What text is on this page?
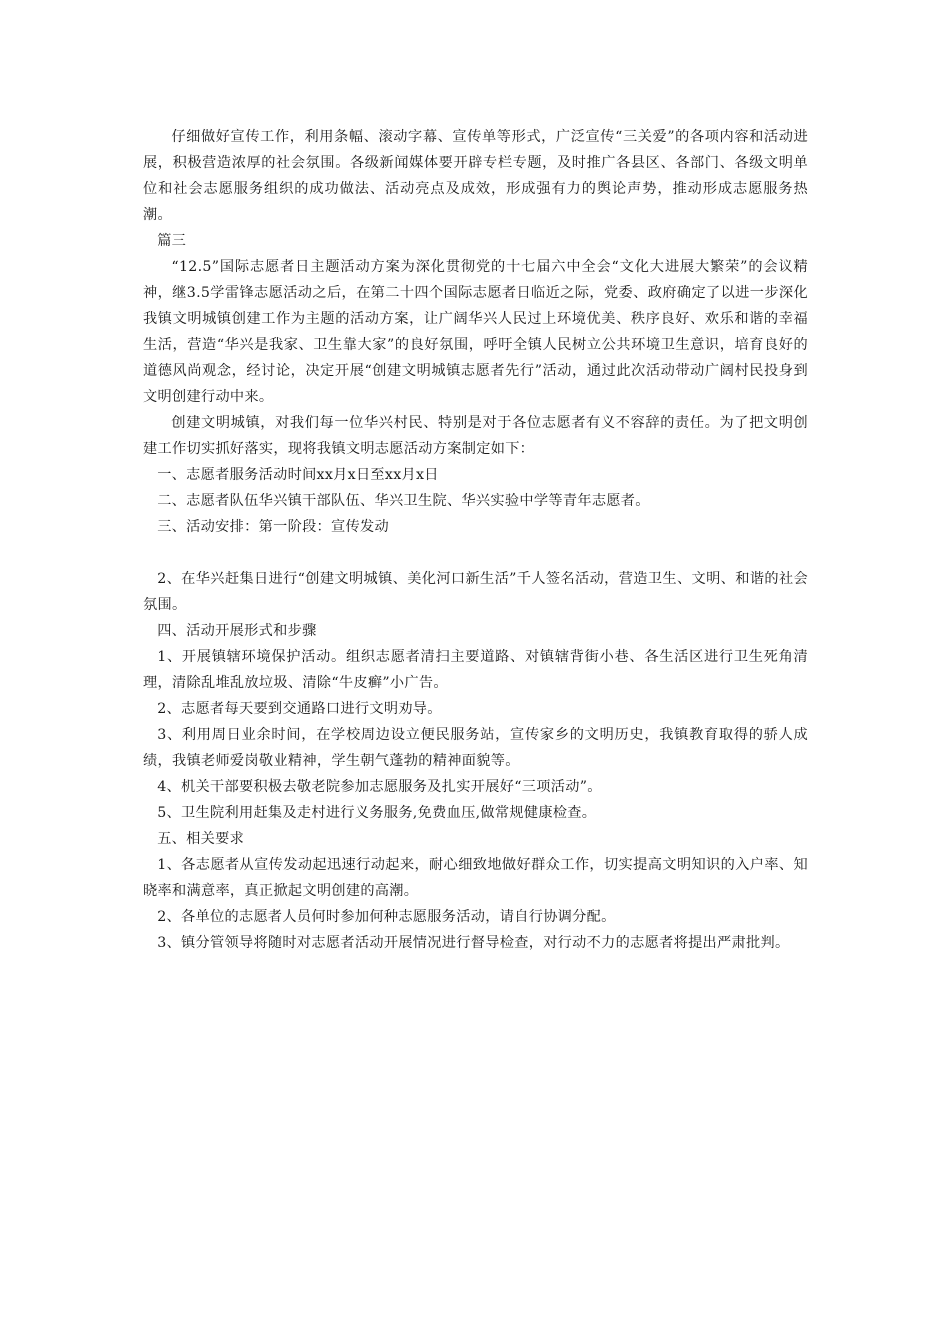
仔细做好宣传工作，利用条幅、滚动字幕、宣传单等形式，广泛宣传“三关爱”的各项内容和活动进展，积极营造浓厚的社会氛围。各级新闻媒体要开辟专栏专题，及时推广各县区、各部门、各级文明单位和社会志愿服务组织的成功做法、活动亮点及成效，形成强有力的舆论声势，推动形成志愿服务热潮。

篇三

“12.5”国际志愿者日主题活动方案为深化贯彻党的十七届六中全会“文化大进展大繁荣”的会议精神，继3.5学雷锋志愿活动之后，在第二十四个国际志愿者日临近之际，党委、政府确定了以进一步深化我镇文明城镇创建工作为主题的活动方案，让广阔华兴人民过上环境优美、秩序良好、欢乐和谐的幸福生活，营造“华兴是我家、卫生靠大家”的良好氛围，呼吁全镇人民树立公共环境卫生意识，培育良好的道德风尚观念，经讨论，决定开展“创建文明城镇志愿者先行”活动，通过此次活动带动广阔村民投身到文明创建行动中来。

创建文明城镇，对我们每一位华兴村民、特别是对于各位志愿者有义不容辞的责任。为了把文明创建工作切实抓好落实，现将我镇文明志愿活动方案制定如下：

一、志愿者服务活动时间xx月x日至xx月x日

二、志愿者队伍华兴镇干部队伍、华兴卫生院、华兴实验中学等青年志愿者。

三、活动安排：第一阶段：宣传发动

2、在华兴赶集日进行“创建文明城镇、美化河口新生活”千人签名活动，营造卫生、文明、和谐的社会氛围。

四、活动开展形式和步骤

1、开展镇辖环境保护活动。组织志愿者清扫主要道路、对镇辖背街小巷、各生活区进行卫生死角清理，清除乱堆乱放垃圾、清除“牛皮癣”小广告。

2、志愿者每天要到交通路口进行文明劝导。

3、利用周日业余时间，在学校周边设立便民服务站，宣传家乡的文明历史，我镇教育取得的骄人成绩，我镇老师爱岗敬业精神，学生朝气蓬勃的精神面貌等。

4、机关干部要积极去敬老院参加志愿服务及扎实开展好“三项活动”。

5、卫生院利用赶集及走村进行义务服务,免费血压,做常规健康检查。

五、相关要求

1、各志愿者从宣传发动起迅速行动起来，耐心细致地做好群众工作，切实提高文明知识的入户率、知晓率和满意率，真正掀起文明创建的高潮。

2、各单位的志愿者人员何时参加何种志愿服务活动，请自行协调分配。

3、镇分管领导将随时对志愿者活动开展情况进行督导检查，对行动不力的志愿者将提出严肃批判。
